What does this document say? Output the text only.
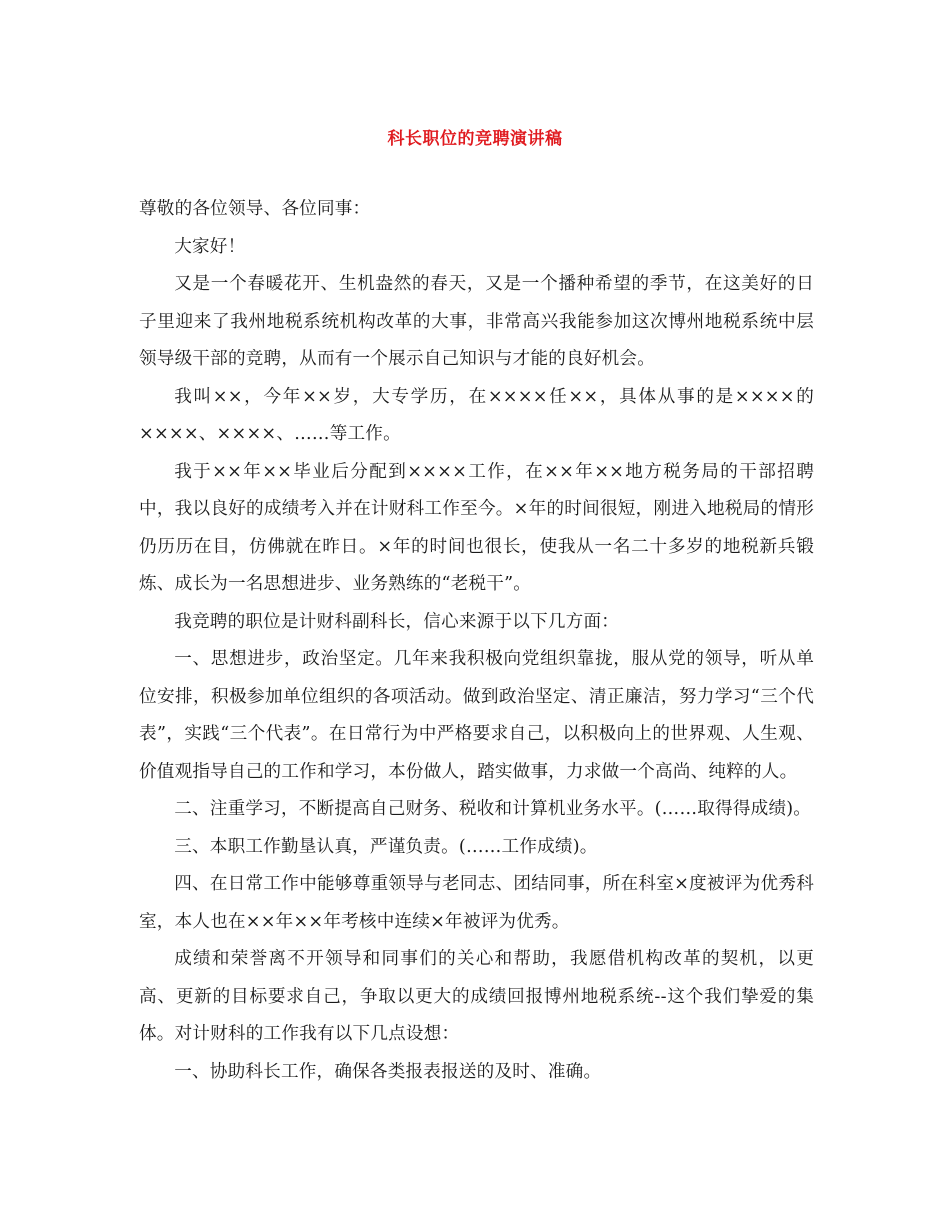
科长职位的竞聘演讲稿

尊敬的各位领导、各位同事：

大家好！

又是一个春暖花开、生机盎然的春天，又是一个播种希望的季节，在这美好的日子里迎来了我州地税系统机构改革的大事，非常高兴我能参加这次博州地税系统中层领导级干部的竞聘，从而有一个展示自己知识与才能的良好机会。

我叫××，今年××岁，大专学历，在××××任××，具体从事的是××××的××××、××××、……等工作。

我于××年××毕业后分配到××××工作，在××年××地方税务局的干部招聘中，我以良好的成绩考入并在计财科工作至今。×年的时间很短，刚进入地税局的情形仍历历在目，仿佛就在昨日。×年的时间也很长，使我从一名二十多岁的地税新兵锻炼、成长为一名思想进步、业务熟练的“老税干”。

我竞聘的职位是计财科副科长，信心来源于以下几方面：

一、思想进步，政治坚定。几年来我积极向党组织靠拢，服从党的领导，听从单位安排，积极参加单位组织的各项活动。做到政治坚定、清正廉洁，努力学习“三个代表”，实践“三个代表”。在日常行为中严格要求自己，以积极向上的世界观、人生观、价值观指导自己的工作和学习，本份做人，踏实做事，力求做一个高尚、纯粹的人。

二、注重学习，不断提高自己财务、税收和计算机业务水平。(……取得得成绩)。

三、本职工作勤垦认真，严谨负责。(……工作成绩)。

四、在日常工作中能够尊重领导与老同志、团结同事，所在科室×度被评为优秀科室，本人也在××年××年考核中连续×年被评为优秀。

成绩和荣誉离不开领导和同事们的关心和帮助，我愿借机构改革的契机，以更高、更新的目标要求自己，争取以更大的成绩回报博州地税系统--这个我们挚爱的集体。对计财科的工作我有以下几点设想：

一、协助科长工作，确保各类报表报送的及时、准确。
